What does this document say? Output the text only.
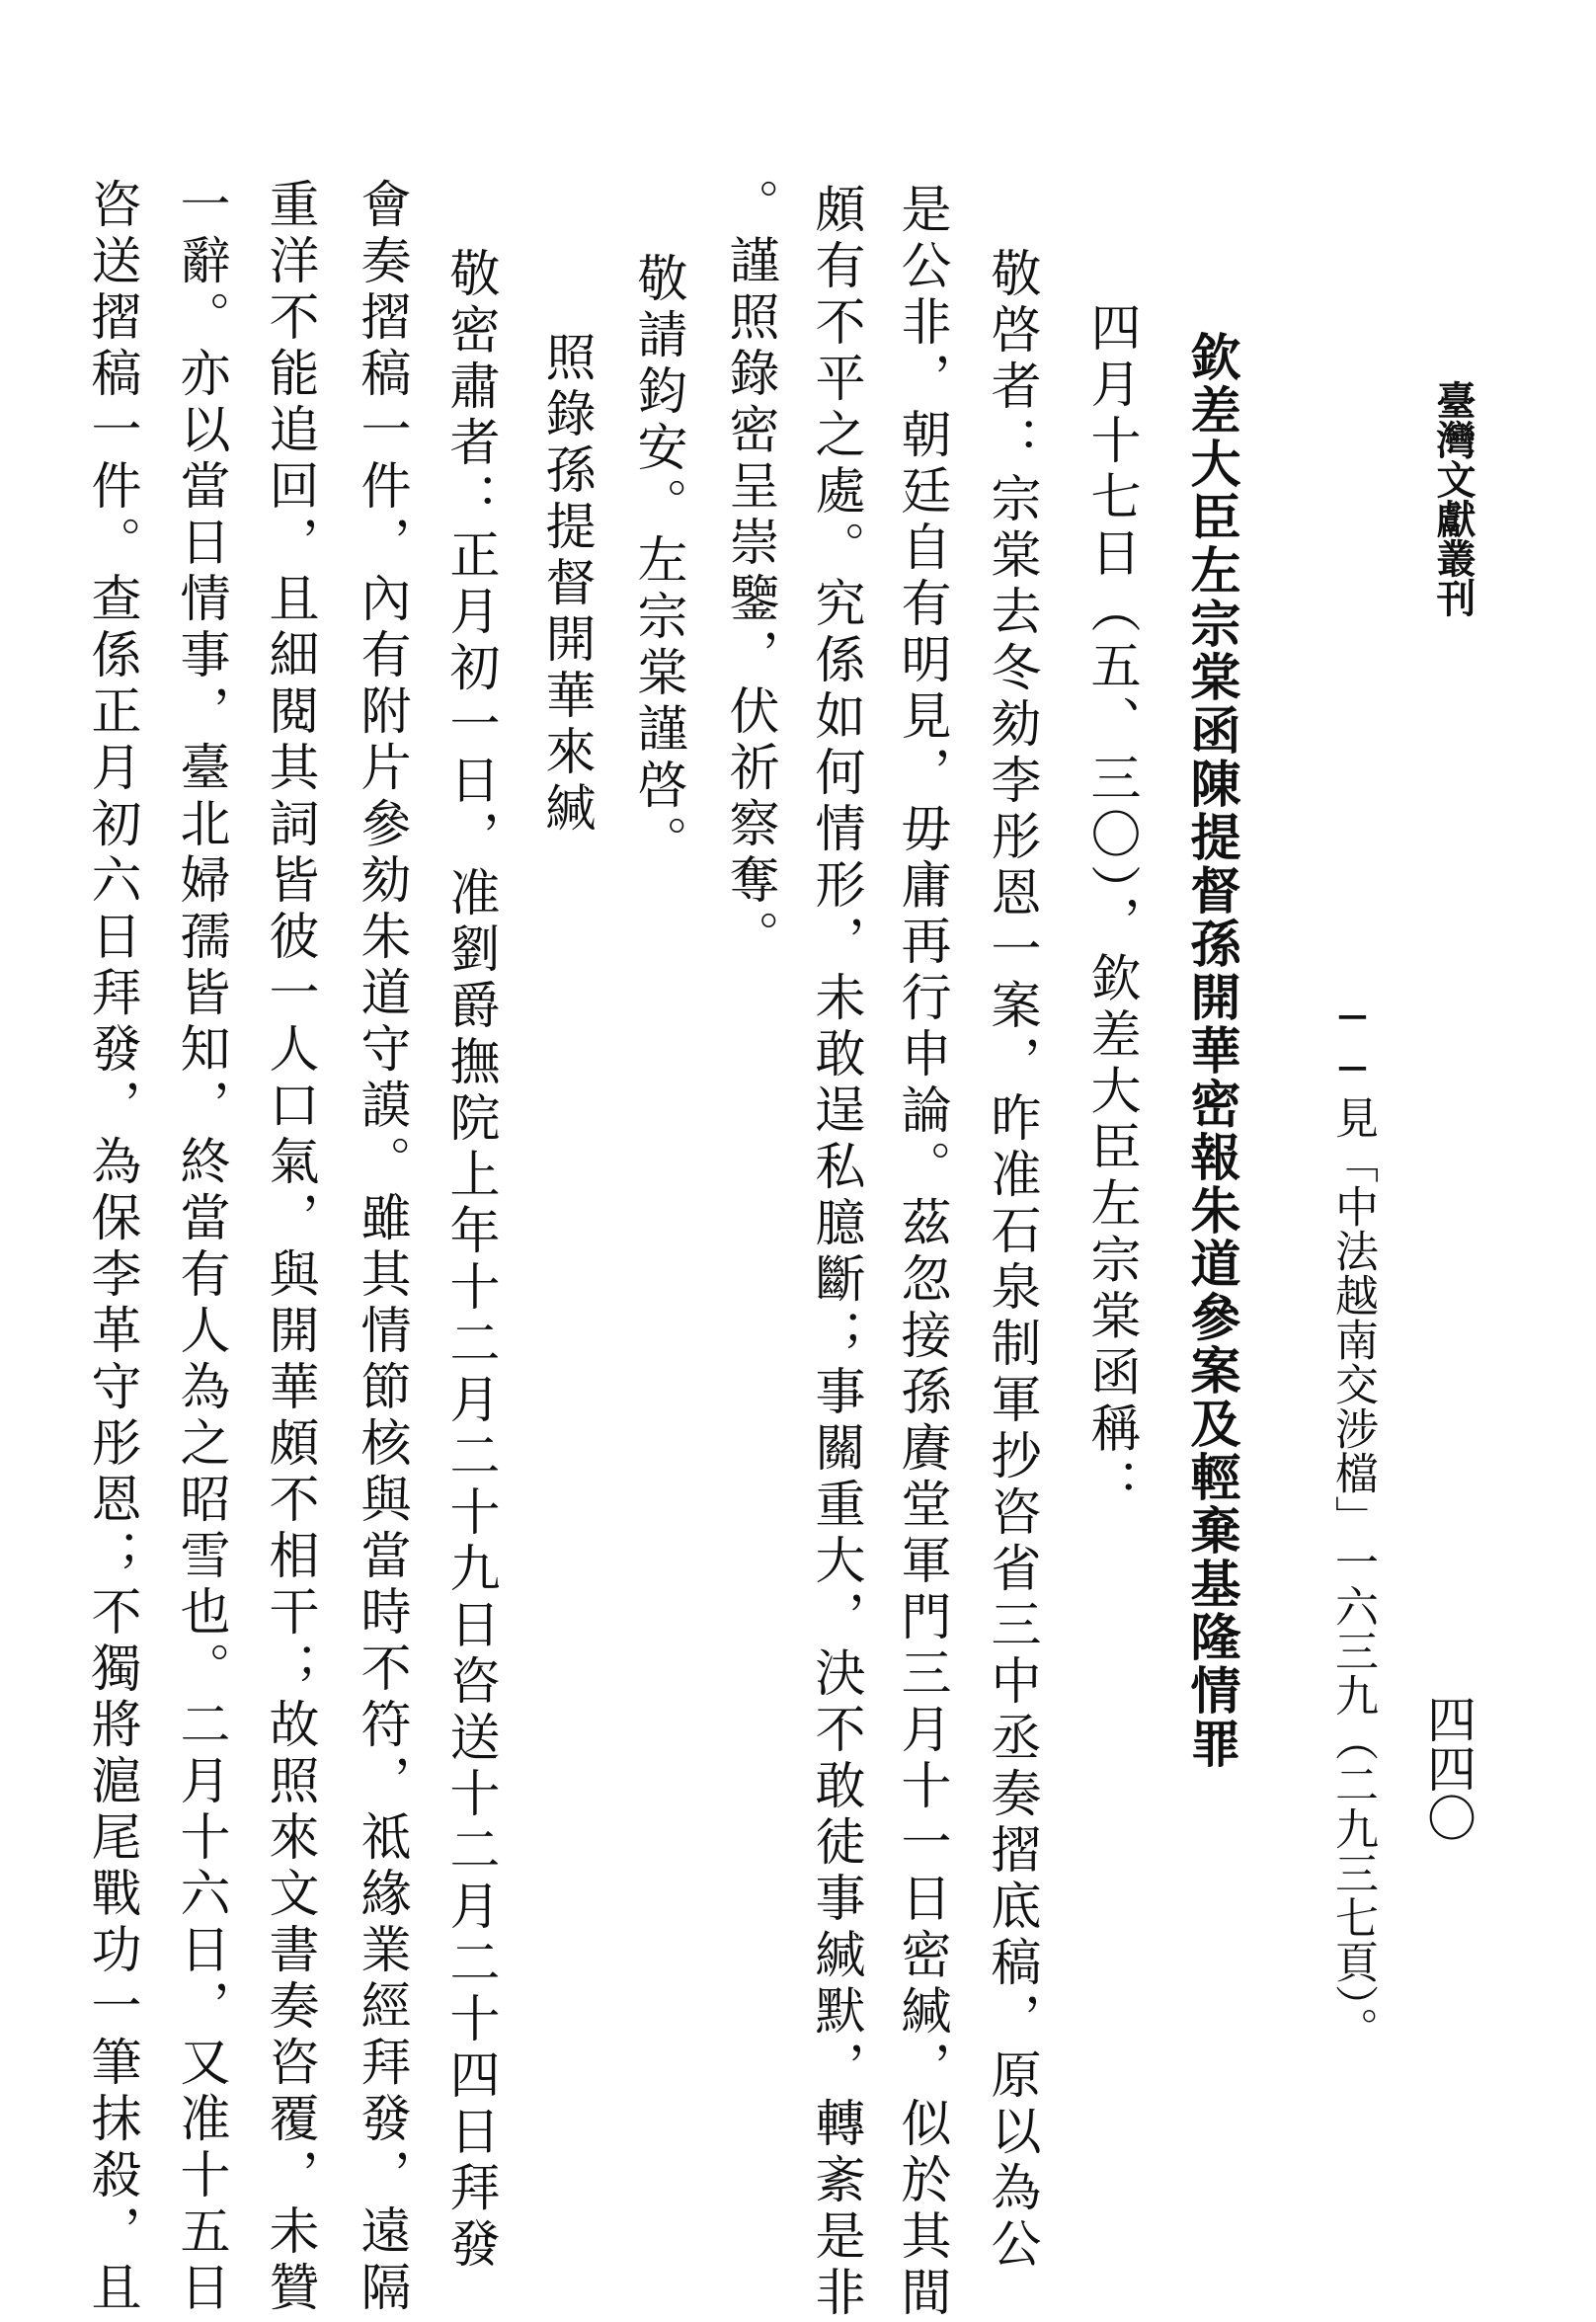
臺灣文獻叢刊
四四〇
──見「中法越南交涉檔」一六三九（二九三七頁）。
欽差大臣左宗棠函陳提督孫開華密報朱道參案及輕棄基隆情罪
四月十七日（五、三〇），欽差大臣左宗棠函稱：
敬啓者：宗棠去冬劾李彤恩一案，昨准石泉制軍抄咨省三中丞奏摺底稿，原以為公
是公非，朝廷自有明見，毋庸再行申論。茲忽接孫賡堂軍門三月十一日密緘，似於其間
頗有不平之處。究係如何情形，未敢逞私臆斷；事關重大，決不敢徒事緘默，轉紊是非
。謹照錄密呈崇鑒，伏祈察奪。
敬請鈞安。左宗棠謹啓。
照錄孫提督開華來緘
敬密肅者：正月初一日，准劉爵撫院上年十二月二十九日咨送十二月二十四日拜發
會奏摺稿一件，內有附片參劾朱道守謨。雖其情節核與當時不符，祗緣業經拜發，遠隔
重洋不能追回，且細閱其詞皆彼一人口氣，與開華頗不相干；故照來文書奏咨覆，未贊
一辭。亦以當日情事，臺北婦孺皆知，終當有人為之昭雪也。二月十六日，又准十五日
咨送摺稿一件。查係正月初六日拜發，為保李革守彤恩；不獨將滬尾戰功一筆抹殺，且
